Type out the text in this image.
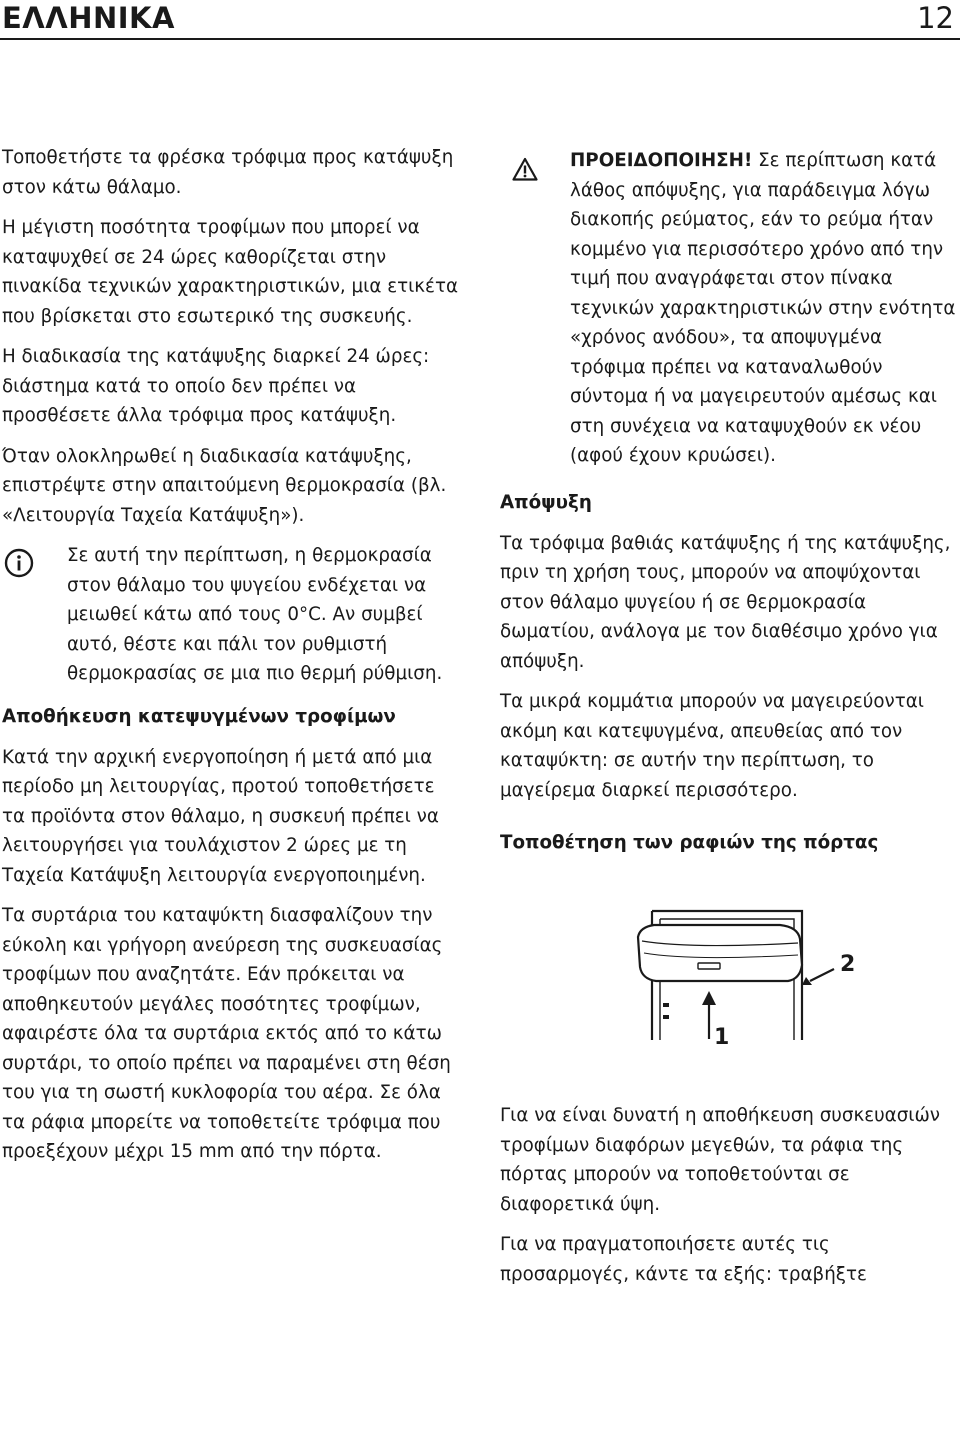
ΕΛΛΗΝΙΚΑ	12

Τοποθετήστε τα φρέσκα τρόφιμα προς κατάψυξη στον κάτω θάλαμο.

Η μέγιστη ποσότητα τροφίμων που μπορεί να καταψυχθεί σε 24 ώρες καθορίζεται στην πινακίδα τεχνικών χαρακτηριστικών, μια ετικέτα που βρίσκεται στο εσωτερικό της συσκευής.

Η διαδικασία της κατάψυξης διαρκεί 24 ώρες: διάστημα κατά το οποίο δεν πρέπει να προσθέσετε άλλα τρόφιμα προς κατάψυξη.

Όταν ολοκληρωθεί η διαδικασία κατάψυξης, επιστρέψτε στην απαιτούμενη θερμοκρασία (βλ. «Λειτουργία Ταχεία Κατάψυξη»).

Σε αυτή την περίπτωση, η θερμοκρασία στον θάλαμο του ψυγείου ενδέχεται να μειωθεί κάτω από τους 0°C. Αν συμβεί αυτό, θέστε και πάλι τον ρυθμιστή θερμοκρασίας σε μια πιο θερμή ρύθμιση.
Αποθήκευση κατεψυγμένων τροφίμων

Κατά την αρχική ενεργοποίηση ή μετά από μια περίοδο μη λειτουργίας, προτού τοποθετήσετε τα προϊόντα στον θάλαμο, η συσκευή πρέπει να λειτουργήσει για τουλάχιστον 2 ώρες με τη Ταχεία Κατάψυξη λειτουργία ενεργοποιημένη.

Τα συρτάρια του καταψύκτη διασφαλίζουν την εύκολη και γρήγορη ανεύρεση της συσκευασίας τροφίμων που αναζητάτε. Εάν πρόκειται να αποθηκευτούν μεγάλες ποσότητες τροφίμων, αφαιρέστε όλα τα συρτάρια εκτός από το κάτω συρτάρι, το οποίο πρέπει να παραμένει στη θέση του για τη σωστή κυκλοφορία του αέρα. Σε όλα τα ράφια μπορείτε να τοποθετείτε τρόφιμα που προεξέχουν μέχρι 15 mm από την πόρτα.

ΠΡΟΕΙΔΟΠΟΙΗΣΗ! Σε περίπτωση κατά λάθος απόψυξης, για παράδειγμα λόγω διακοπής ρεύματος, εάν το ρεύμα ήταν κομμένο για περισσότερο χρόνο από την τιμή που αναγράφεται στον πίνακα τεχνικών χαρακτηριστικών στην ενότητα «χρόνος ανόδου», τα αποψυγμένα τρόφιμα πρέπει να καταναλωθούν σύντομα ή να μαγειρευτούν αμέσως και στη συνέχεια να καταψυχθούν εκ νέου (αφού έχουν κρυώσει).
Απόψυξη

Τα τρόφιμα βαθιάς κατάψυξης ή της κατάψυξης, πριν τη χρήση τους, μπορούν να αποψύχονται στον θάλαμο ψυγείου ή σε θερμοκρασία δωματίου, ανάλογα με τον διαθέσιμο χρόνο για απόψυξη.

Τα μικρά κομμάτια μπορούν να μαγειρεύονται ακόμη και κατεψυγμένα, απευθείας από τον καταψύκτη: σε αυτήν την περίπτωση, το μαγείρεμα διαρκεί περισσότερο.

Τοποθέτηση των ραφιών της πόρτας
1
2

Για να είναι δυνατή η αποθήκευση συσκευασιών τροφίμων διαφόρων μεγεθών, τα ράφια της πόρτας μπορούν να τοποθετούνται σε διαφορετικά ύψη.

Για να πραγματοποιήσετε αυτές τις προσαρμογές, κάντε τα εξής: τραβήξτε
